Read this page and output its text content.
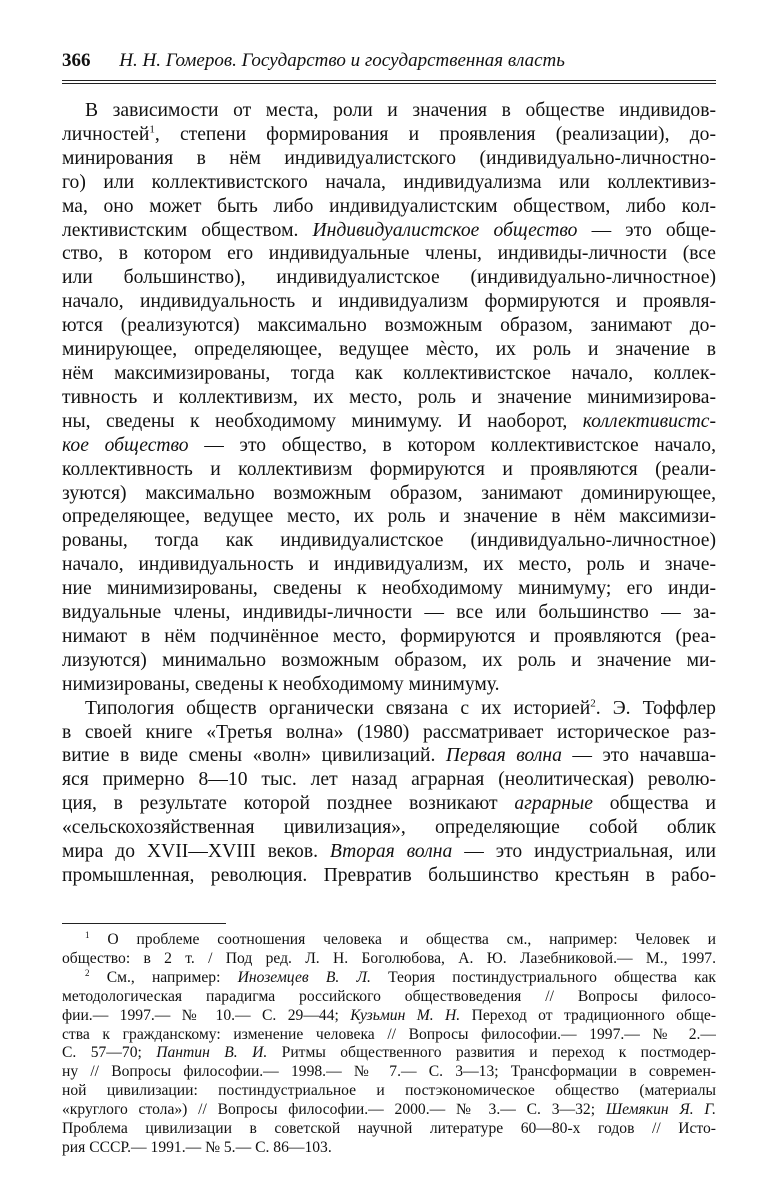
366 Н. Н. Гомеров. Государство и государственная власть
В зависимости от места, роли и значения в обществе индивидов-
личностей$^1$, степени формирования и проявления (реализации), до-
минирования в нём индивидуалистского (индивидуально-личностно-
го) или коллективистского начала, индивидуализма или коллективиз-
ма, оно может быть либо индивидуалистским обществом, либо кол-
лективистским обществом. Индивидуалистское общество — это обще-
ство, в котором его индивидуальные члены, индивиды-личности (все
или большинство), индивидуалистское (индивидуально-личностное)
начало, индивидуальность и индивидуализм формируются и проявля-
ются (реализуются) максимально возможным образом, занимают до-
минирующее, определяющее, ведущее мѐсто, их роль и значение в
нём максимизированы, тогда как коллективистское начало, коллек-
тивность и коллективизм, их место, роль и значение минимизирова-
ны, сведены к необходимому минимуму. И наоборот, коллективистс-
кое общество — это общество, в котором коллективистское начало,
коллективность и коллективизм формируются и проявляются (реали-
зуются) максимально возможным образом, занимают доминирующее,
определяющее, ведущее место, их роль и значение в нём максимизи-
рованы, тогда как индивидуалистское (индивидуально-личностное)
начало, индивидуальность и индивидуализм, их место, роль и значе-
ние минимизированы, сведены к необходимому минимуму; его инди-
видуальные члены, индивиды-личности — все или большинство — за-
нимают в нём подчинённое место, формируются и проявляются (реа-
лизуются) минимально возможным образом, их роль и значение ми-
нимизированы, сведены к необходимому минимуму.
Типология обществ органически связана с их историей$^2$. Э. Тоффлер
в своей книге «Третья волна» (1980) рассматривает историческое раз-
витие в виде смены «волн» цивилизаций. Первая волна — это начавша-
яся примерно 8—10 тыс. лет назад аграрная (неолитическая) револю-
ция, в результате которой позднее возникают аграрные общества и
«сельскохозяйственная цивилизация», определяющие собой облик
мира до XVII—XVIII веков. Вторая волна — это индустриальная, или
промышленная, революция. Превратив большинство крестьян в рабо-
$^1$ О проблеме соотношения человека и общества см., например: Человек и
общество: в 2 т. / Под ред. Л. Н. Боголюбова, А. Ю. Лазебниковой.— М., 1997.
$^2$ См., например: Иноземцев В. Л. Теория постиндустриального общества как
методологическая парадигма российского обществоведения // Вопросы филосо-
фии.— 1997.— № 10.— С. 29—44; Кузьмин М. Н. Переход от традиционного обще-
ства к гражданскому: изменение человека // Вопросы философии.— 1997.— № 2.—
С. 57—70; Пантин В. И. Ритмы общественного развития и переход к постмодер-
ну // Вопросы философии.— 1998.— № 7.— С. 3—13; Трансформации в современ-
ной цивилизации: постиндустриальное и постэкономическое общество (материалы
«круглого стола») // Вопросы философии.— 2000.— № 3.— С. 3—32; Шемякин Я. Г.
Проблема цивилизации в советской научной литературе 60—80-х годов // Исто-
рия СССР.— 1991.— № 5.— С. 86—103.
